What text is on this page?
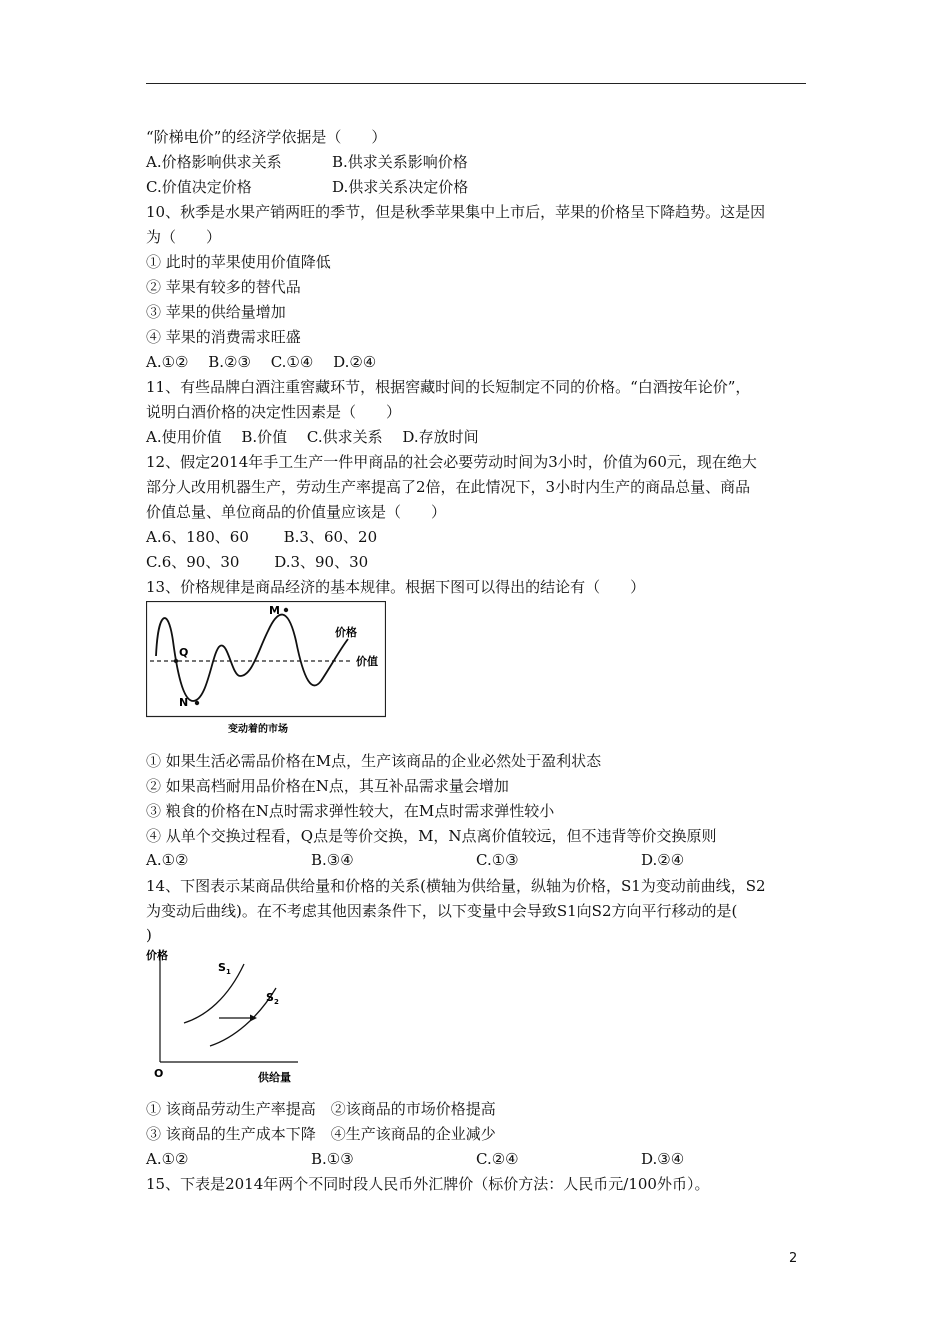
“阶梯电价”的经济学依据是（　　）
A.价格影响供求关系	B.供求关系影响价格
C.价值决定价格	D.供求关系决定价格
10、秋季是水果产销两旺的季节，但是秋季苹果集中上市后，苹果的价格呈下降趋势。这是因
为（　　）
① 此时的苹果使用价值降低
② 苹果有较多的替代品
③ 苹果的供给量增加
④ 苹果的消费需求旺盛
A.①②　 B.②③　 C.①④　 D.②④
11、有些品牌白酒注重窖藏环节，根据窖藏时间的长短制定不同的价格。“白酒按年论价”，
说明白酒价格的决定性因素是（　　）
A.使用价值　 B.价值　 C.供求关系　 D.存放时间
12、假定2014年手工生产一件甲商品的社会必要劳动时间为3小时，价值为60元，现在绝大
部分人改用机器生产，劳动生产率提高了2倍，在此情况下，3小时内生产的商品总量、商品
价值总量、单位商品的价值量应该是（　　）
A.6、180、60　　 B.3、60、20
C.6、90、30　　 D.3、90、30
13、价格规律是商品经济的基本规律。根据下图可以得出的结论有（　　）
M
N
Q
价格
价值
变动着的市场
① 如果生活必需品价格在M点，生产该商品的企业必然处于盈利状态
② 如果高档耐用品价格在N点，其互补品需求量会增加
③ 粮食的价格在N点时需求弹性较大，在M点时需求弹性较小
④ 从单个交换过程看，Q点是等价交换，M，N点离价值较远，但不违背等价交换原则
A.①②	B.③④	C.①③	D.②④
14、下图表示某商品供给量和价格的关系(横轴为供给量，纵轴为价格，S1为变动前曲线，S2
为变动后曲线)。在不考虑其他因素条件下，以下变量中会导致S1向S2方向平行移动的是(
)
价格
供给量
O
$S_1$
$S_2$
① 该商品劳动生产率提高　②该商品的市场价格提高
③ 该商品的生产成本下降　④生产该商品的企业减少
A.①②	B.①③	C.②④	D.③④
15、下表是2014年两个不同时段人民币外汇牌价（标价方法：人民币元/100外币）。
2
